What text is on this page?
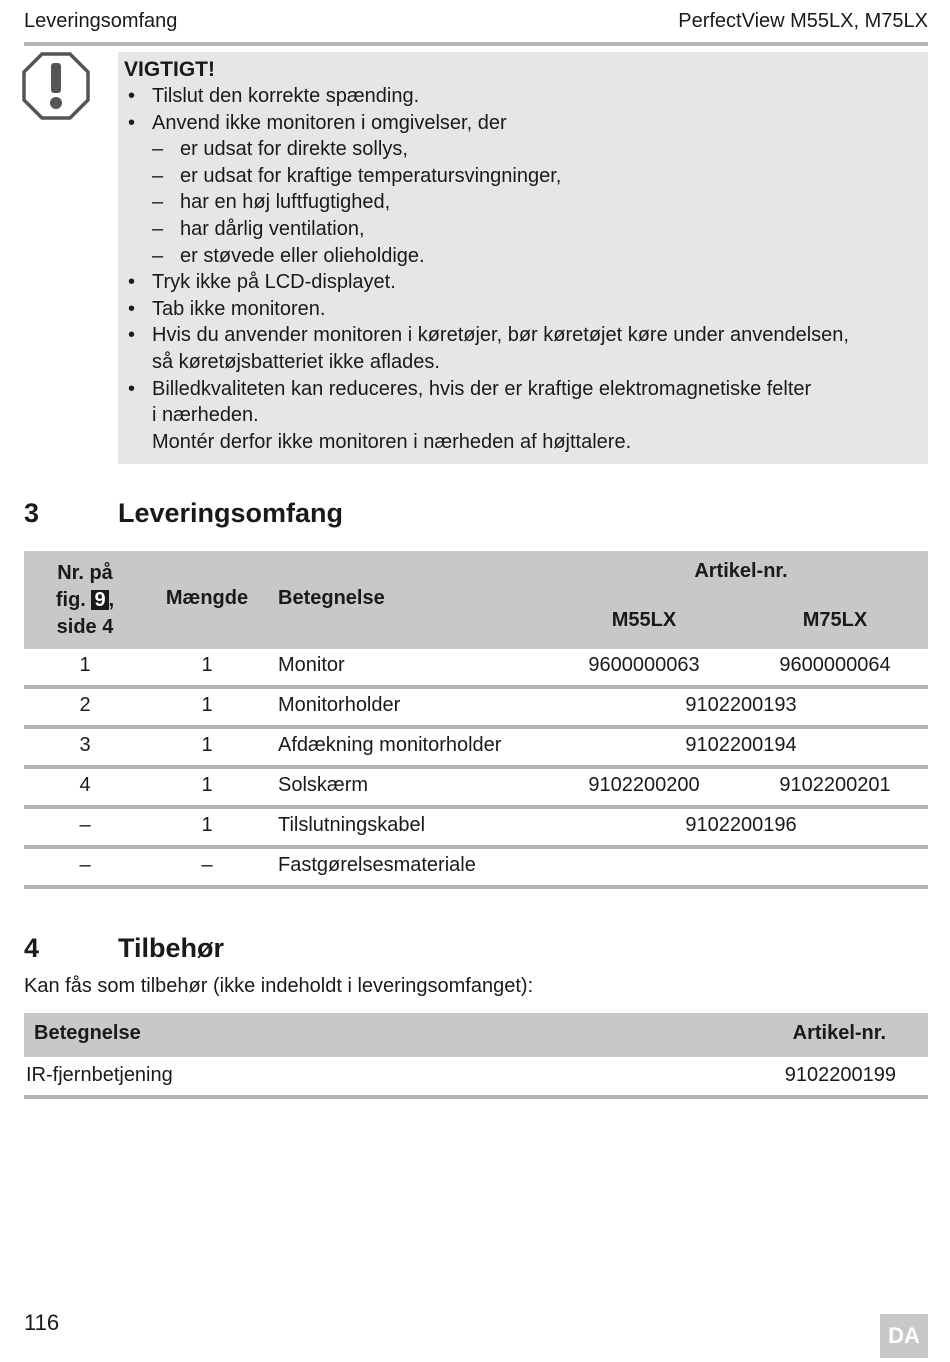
Leveringsomfang	PerfectView M55LX, M75LX
VIGTIGT!
• Tilslut den korrekte spænding.
• Anvend ikke monitoren i omgivelser, der
– er udsat for direkte sollys,
– er udsat for kraftige temperatursvingninger,
– har en høj luftfugtighed,
– har dårlig ventilation,
– er støvede eller olieholdige.
• Tryk ikke på LCD-displayet.
• Tab ikke monitoren.
• Hvis du anvender monitoren i køretøjer, bør køretøjet køre under anvendelsen,
så køretøjsbatteriet ikke aflades.
• Billedkvaliteten kan reduceres, hvis der er kraftige elektromagnetiske felter
i nærheden.
Montér derfor ikke monitoren i nærheden af højttalere.
3	Leveringsomfang
Nr. på
fig. 9 ,
side 4
Mængde	Betegnelse
Artikel-nr.
M55LX	M75LX
1	1	Monitor	9600000063	9600000064
2	1	Monitorholder	9102200193
3	1	Afdækning monitorholder	9102200194
4	1	Solskærm	9102200200	9102200201
–	1	Tilslutningskabel	9102200196
–	–	Fastgørelsesmateriale
4	Tilbehør
Kan fås som tilbehør (ikke indeholdt i leveringsomfanget):
Betegnelse	Artikel-nr.
IR-fjernbetjening	9102200199
116
DA
